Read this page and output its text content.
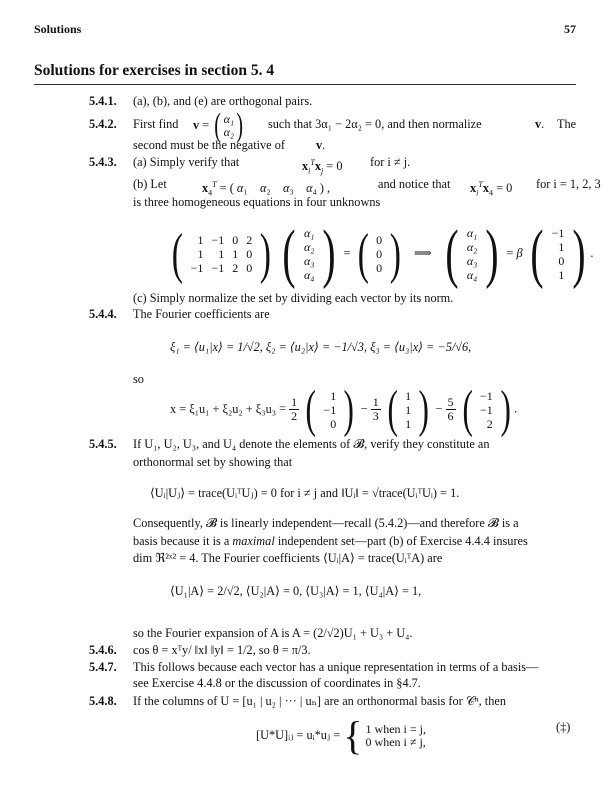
Solutions	57
Solutions for exercises in section 5. 4
5.4.1. (a), (b), and (e) are orthogonal pairs.
5.4.2. First find v = ( α₁
α₂ ) such that 3α₁ − 2α₂ = 0, and then normalize	v. The
second must be the negative of	v.
5.4.3. (a) Simply verify that	$x_i^Tx_j = 0$ for i ≠ j.
(b) Let	$x_4^T$ = ( α₁    α₂    α₃    α₄ ) ,	and notice that $x_i^Tx_4 = 0$ for i = 1, 2, 3
is three homogeneous equations in four unknowns
( 1	−1	0	2
1	1	1	0
−1	−1	2	0 ) ( α₁
α₂
α₃
α₄ ) = ( 0
0
0 )   ⟹   ( α₁
α₂
α₃
α₄ ) = β ( −1
1
0
1 ) .
(c) Simply normalize the set by dividing each vector by its norm.
5.4.4. The Fourier coefficients are
ξ₁ = ⟨u₁|x⟩ = 1/√2, ξ₂ = ⟨u₂|x⟩ = −1/√3, ξ₃ = ⟨u₃|x⟩ = −5/√6,
so
$x = \xi_1u_1 + \xi_2u_2 + \xi_3u_3 = \frac{1}{2}$ ( 1
−1
0 ) − $\frac{1}{3}$ ( 1
1
1 ) − $\frac{5}{6}$ ( −1
−1
2 ) .
5.4.5. If U₁, U₂, U₃, and U₄ denote the elements of 𝓑, verify they constitute an
orthonormal set by showing that
⟨Uᵢ|Uⱼ⟩ = trace(UᵢᵀUⱼ) = 0 for i ≠ j and ‖Uᵢ‖ = √trace(UᵢᵀUᵢ) = 1.
Consequently, 𝓑 is linearly independent—recall (5.4.2)—and therefore 𝓑 is a
basis because it is a maximal independent set—part (b) of Exercise 4.4.4 insures
dim ℜ²ˣ² = 4. The Fourier coefficients ⟨Uᵢ|A⟩ = trace(UᵢᵀA) are
⟨U₁|A⟩ = 2/√2, ⟨U₂|A⟩ = 0, ⟨U₃|A⟩ = 1, ⟨U₄|A⟩ = 1,
so the Fourier expansion of A is A = (2/√2)U₁ + U₃ + U₄.
5.4.6. cos θ = xᵀy/ ‖x‖ ‖y‖ = 1/2, so θ = π/3.
5.4.7. This follows because each vector has a unique representation in terms of a basis—
see Exercise 4.4.8 or the discussion of coordinates in §4.7.
5.4.8. If the columns of U = [u₁ | u₂ | ··· | uₙ] are an orthonormal basis for 𝒞ⁿ, then
[U*U]ᵢⱼ = uᵢ*uⱼ = { 1 when i = j,
0 when i ≠ j,
(‡)
